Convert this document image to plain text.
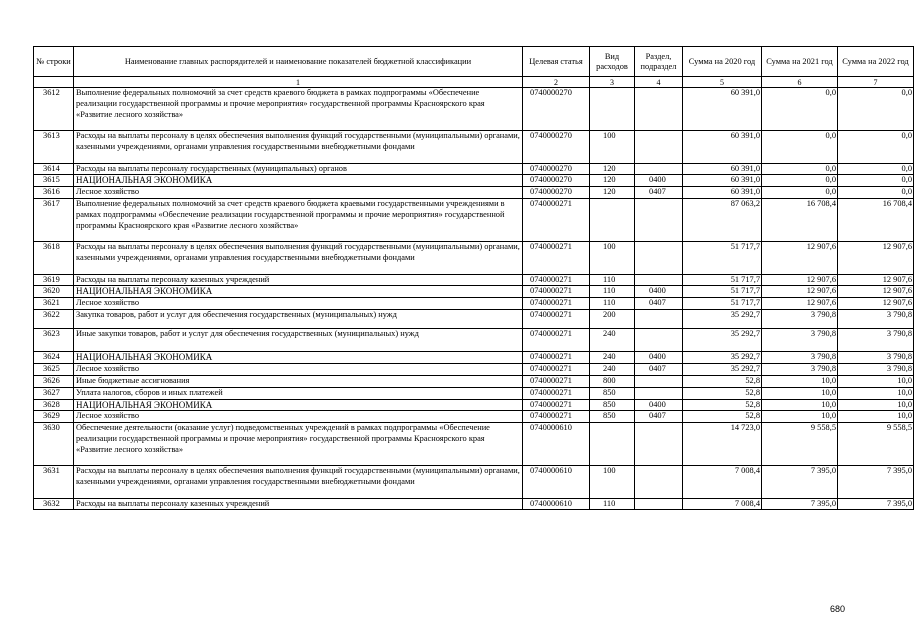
№ строки	Наименование главных распорядителей и наименование показателей бюджетной классификации	Целевая статья	Вид расходов	Раздел, подраздел	Сумма на 2020 год	Сумма на 2021 год	Сумма на 2022 год
	1	2	3	4	5	6	7
3612	Выполнение федеральных полномочий за счет средств краевого бюджета в рамках подпрограммы «Обеспечение реализации государственной программы и прочие мероприятия» государственной программы Красноярского края «Развитие лесного хозяйства»	0740000270			60 391,0	0,0	0,0
3613	Расходы на выплаты персоналу в целях обеспечения выполнения функций государственными (муниципальными) органами, казенными учреждениями, органами управления государственными внебюджетными фондами	0740000270	100		60 391,0	0,0	0,0
3614	Расходы на выплаты персоналу государственных (муниципальных) органов	0740000270	120		60 391,0	0,0	0,0
3615	НАЦИОНАЛЬНАЯ ЭКОНОМИКА	0740000270	120	0400	60 391,0	0,0	0,0
3616	Лесное хозяйство	0740000270	120	0407	60 391,0	0,0	0,0
3617	Выполнение федеральных полномочий за счет средств краевого бюджета краевыми государственными учреждениями в рамках подпрограммы «Обеспечение реализации государственной программы и прочие мероприятия» государственной программы Красноярского края «Развитие лесного хозяйства»	0740000271			87 063,2	16 708,4	16 708,4
3618	Расходы на выплаты персоналу в целях обеспечения выполнения функций государственными (муниципальными) органами, казенными учреждениями, органами управления государственными внебюджетными фондами	0740000271	100		51 717,7	12 907,6	12 907,6
3619	Расходы на выплаты персоналу казенных учреждений	0740000271	110		51 717,7	12 907,6	12 907,6
3620	НАЦИОНАЛЬНАЯ ЭКОНОМИКА	0740000271	110	0400	51 717,7	12 907,6	12 907,6
3621	Лесное хозяйство	0740000271	110	0407	51 717,7	12 907,6	12 907,6
3622	Закупка товаров, работ и услуг для обеспечения государственных (муниципальных) нужд	0740000271	200		35 292,7	3 790,8	3 790,8
3623	Иные закупки товаров, работ и услуг для обеспечения государственных (муниципальных) нужд	0740000271	240		35 292,7	3 790,8	3 790,8
3624	НАЦИОНАЛЬНАЯ ЭКОНОМИКА	0740000271	240	0400	35 292,7	3 790,8	3 790,8
3625	Лесное хозяйство	0740000271	240	0407	35 292,7	3 790,8	3 790,8
3626	Иные бюджетные ассигнования	0740000271	800		52,8	10,0	10,0
3627	Уплата налогов, сборов и иных платежей	0740000271	850		52,8	10,0	10,0
3628	НАЦИОНАЛЬНАЯ ЭКОНОМИКА	0740000271	850	0400	52,8	10,0	10,0
3629	Лесное хозяйство	0740000271	850	0407	52,8	10,0	10,0
3630	Обеспечение деятельности (оказание услуг) подведомственных учреждений в рамках подпрограммы «Обеспечение реализации государственной программы и прочие мероприятия» государственной программы Красноярского края «Развитие лесного хозяйства»	0740000610			14 723,0	9 558,5	9 558,5
3631	Расходы на выплаты персоналу в целях обеспечения выполнения функций государственными (муниципальными) органами, казенными учреждениями, органами управления государственными внебюджетными фондами	0740000610	100		7 008,4	7 395,0	7 395,0
3632	Расходы на выплаты персоналу казенных учреждений	0740000610	110		7 008,4	7 395,0	7 395,0
680
